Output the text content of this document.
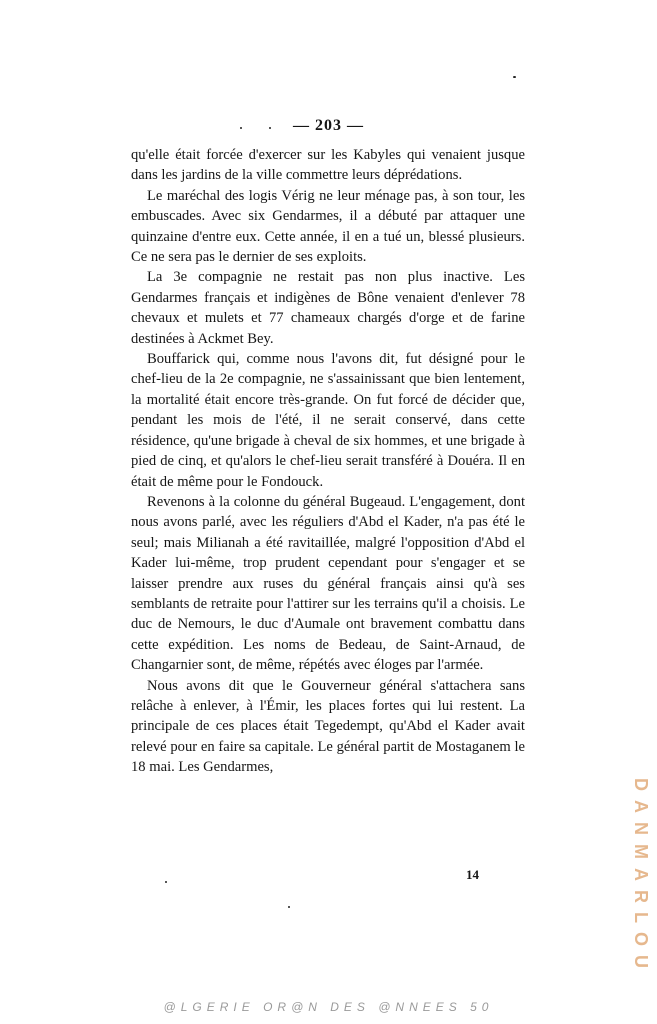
— 203 —

qu'elle était forcée d'exercer sur les Kabyles qui venaient jusque dans les jardins de la ville commettre leurs déprédations.

Le maréchal des logis Vérig ne leur ménage pas, à son tour, les embuscades. Avec six Gendarmes, il a débuté par attaquer une quinzaine d'entre eux. Cette année, il en a tué un, blessé plusieurs. Ce ne sera pas le dernier de ses exploits.

La 3e compagnie ne restait pas non plus inactive. Les Gendarmes français et indigènes de Bône venaient d'enlever 78 chevaux et mulets et 77 chameaux chargés d'orge et de farine destinées à Ackmet Bey.

Bouffarick qui, comme nous l'avons dit, fut désigné pour le chef-lieu de la 2e compagnie, ne s'assainissant que bien lentement, la mortalité était encore très-grande. On fut forcé de décider que, pendant les mois de l'été, il ne serait conservé, dans cette résidence, qu'une brigade à cheval de six hommes, et une brigade à pied de cinq, et qu'alors le chef-lieu serait transféré à Douéra. Il en était de même pour le Fondouck.

Revenons à la colonne du général Bugeaud. L'engagement, dont nous avons parlé, avec les réguliers d'Abd el Kader, n'a pas été le seul; mais Milianah a été ravitaillée, malgré l'opposition d'Abd el Kader lui-même, trop prudent cependant pour s'engager et se laisser prendre aux ruses du général français ainsi qu'à ses semblants de retraite pour l'attirer sur les terrains qu'il a choisis. Le duc de Nemours, le duc d'Aumale ont bravement combattu dans cette expédition. Les noms de Bedeau, de Saint-Arnaud, de Changarnier sont, de même, répétés avec éloges par l'armée.

Nous avons dit que le Gouverneur général s'attachera sans relâche à enlever, à l'Émir, les places fortes qui lui restent. La principale de ces places était Tegedempt, qu'Abd el Kader avait relevé pour en faire sa capitale. Le général partit de Mostaganem le 18 mai. Les Gendarmes,

14	DANMARLOU
@LGERIE OR@N DES @NNEES 50
